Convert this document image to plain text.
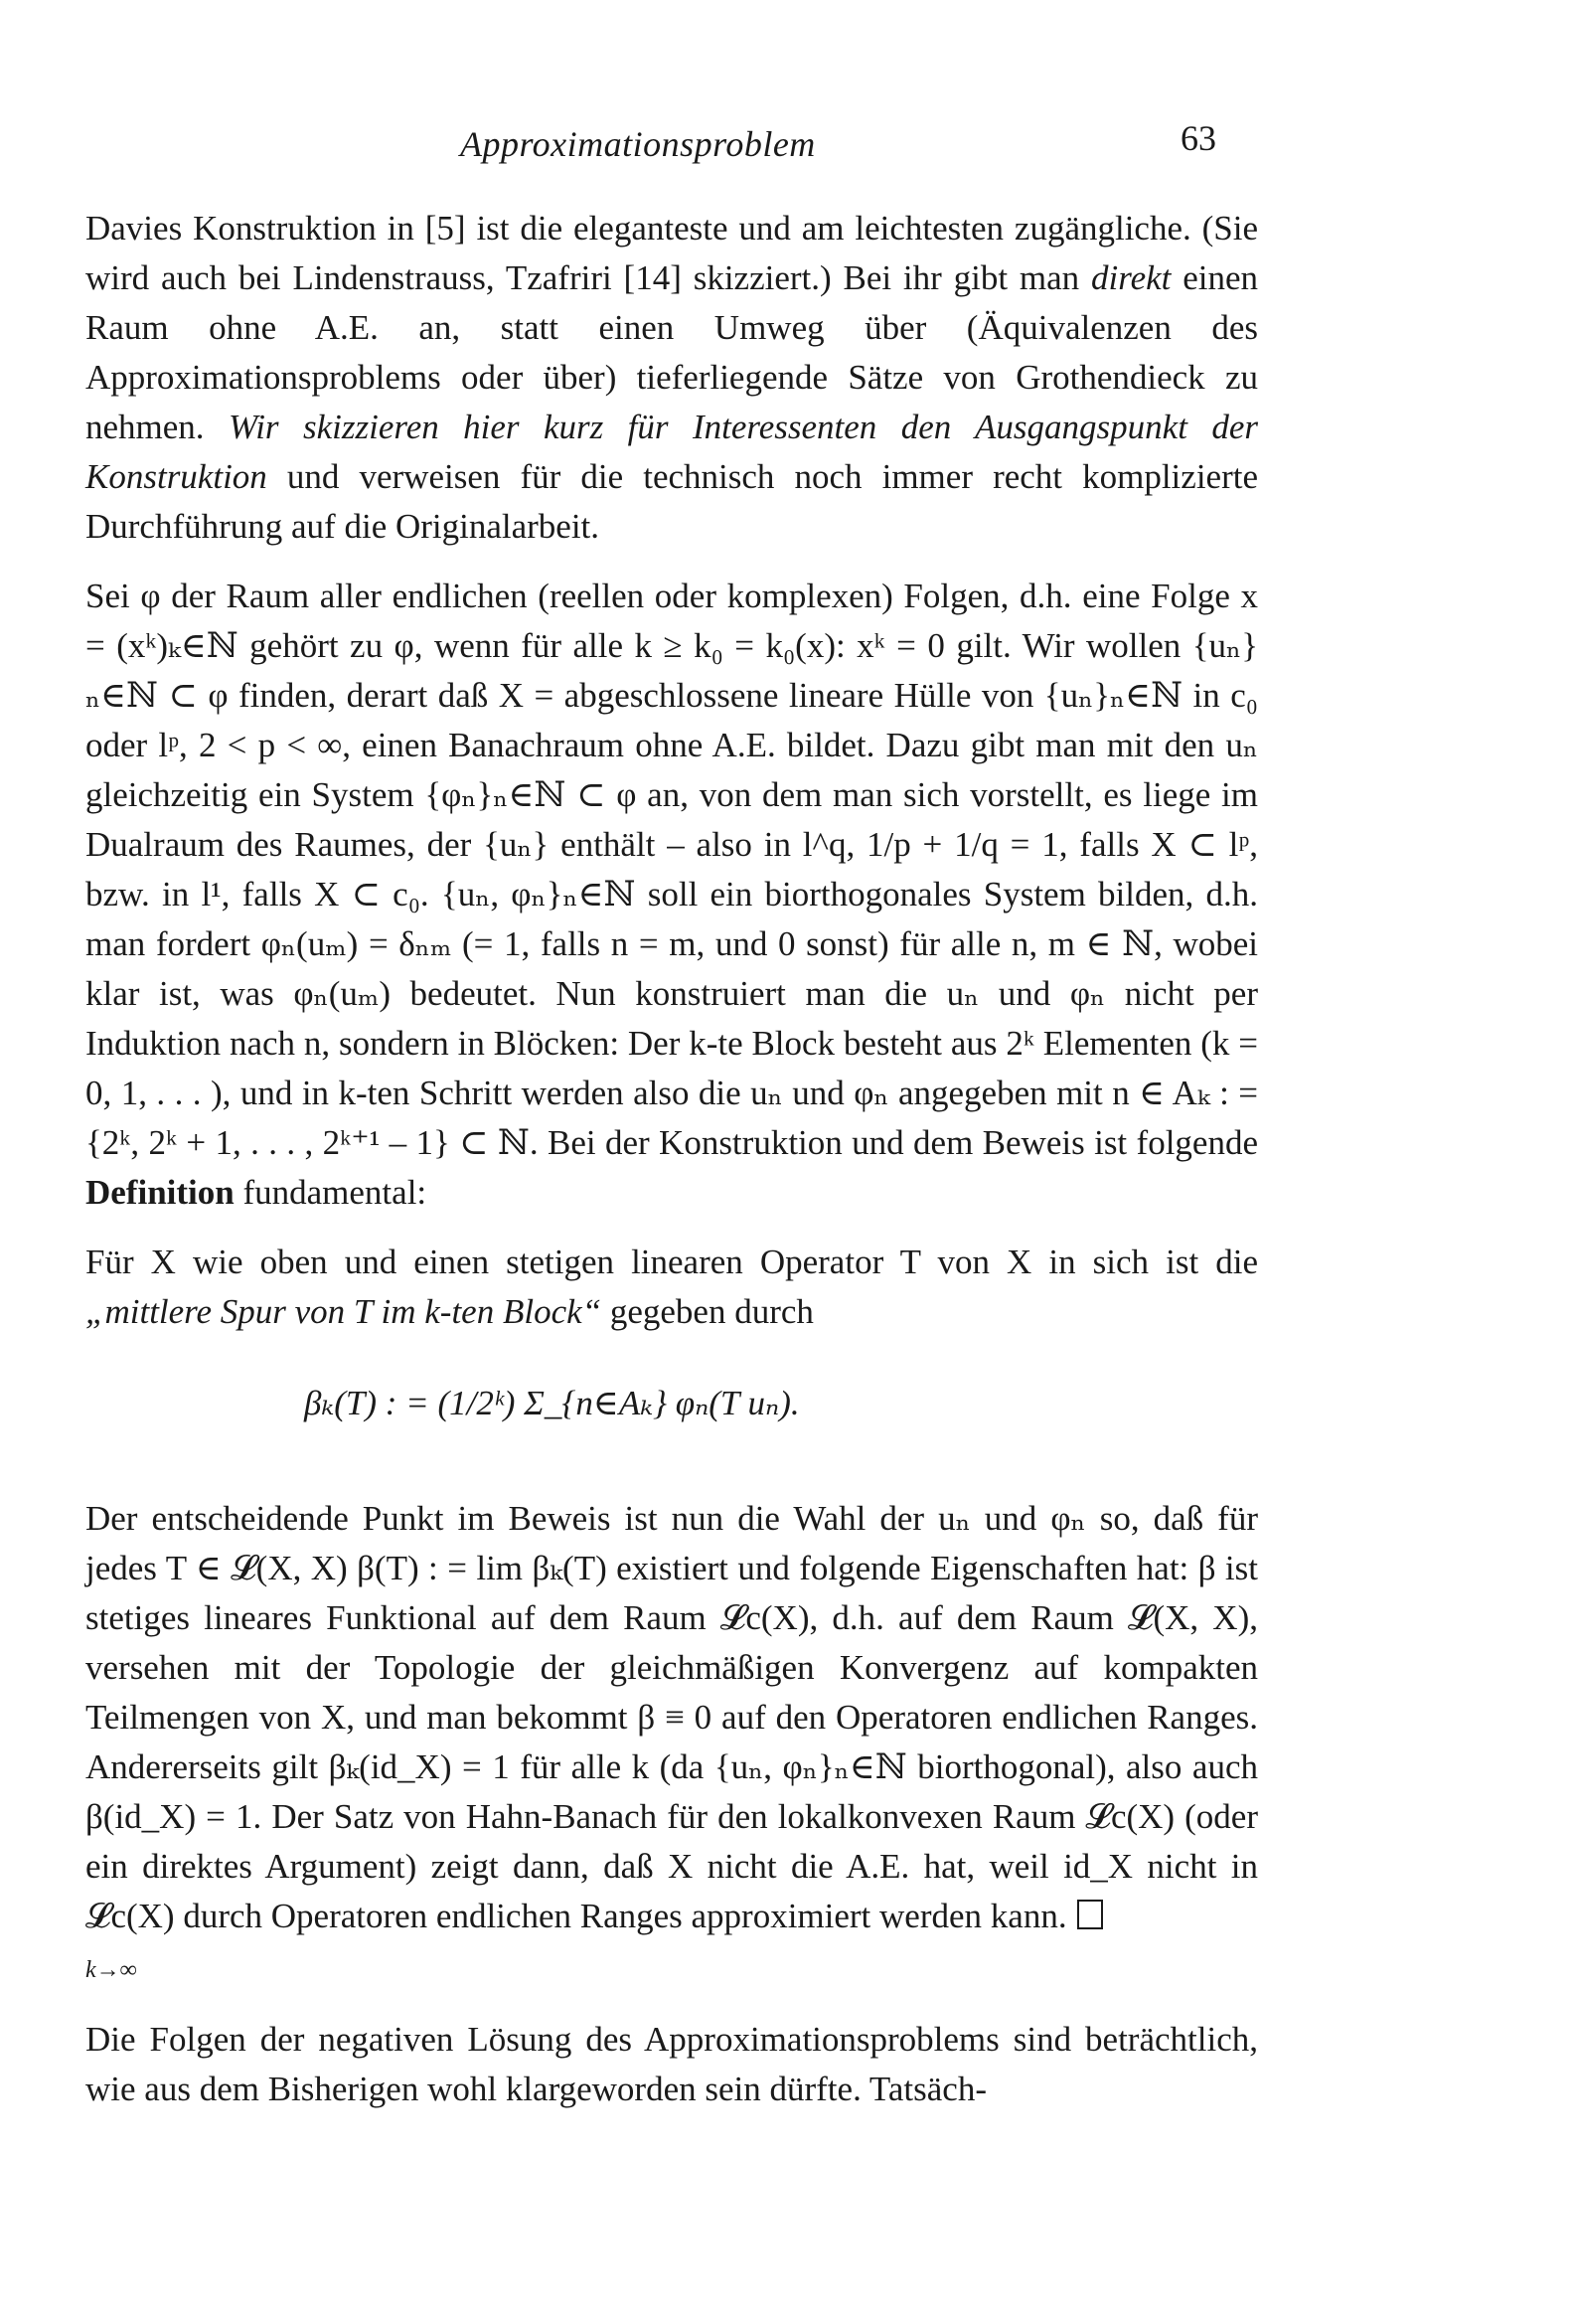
Approximationsproblem	63

Davies Konstruktion in [5] ist die eleganteste und am leichtesten zugängliche. (Sie wird auch bei Lindenstrauss, Tzafriri [14] skizziert.) Bei ihr gibt man direkt einen Raum ohne A.E. an, statt einen Umweg über (Äquivalenzen des Approximationsproblems oder über) tieferliegende Sätze von Grothendieck zu nehmen. Wir skizzieren hier kurz für Interessenten den Ausgangspunkt der Konstruktion und verweisen für die technisch noch immer recht komplizierte Durchführung auf die Originalarbeit.

Sei φ der Raum aller endlichen (reellen oder komplexen) Folgen, d.h. eine Folge x = (xᵏ)ₖ∈ℕ gehört zu φ, wenn für alle k ≥ k₀ = k₀(x): xᵏ = 0 gilt. Wir wollen {uₙ}ₙ∈ℕ ⊂ φ finden, derart daß X = abgeschlossene lineare Hülle von {uₙ}ₙ∈ℕ in c₀ oder lᵖ, 2 < p < ∞, einen Banachraum ohne A.E. bildet. Dazu gibt man mit den uₙ gleichzeitig ein System {φₙ}ₙ∈ℕ ⊂ φ an, von dem man sich vorstellt, es liege im Dualraum des Raumes, der {uₙ} enthält – also in l^q, 1/p + 1/q = 1, falls X ⊂ lᵖ, bzw. in l¹, falls X ⊂ c₀. {uₙ, φₙ}ₙ∈ℕ soll ein biorthogonales System bilden, d.h. man fordert φₙ(uₘ) = δₙₘ (= 1, falls n = m, und 0 sonst) für alle n, m ∈ ℕ, wobei klar ist, was φₙ(uₘ) bedeutet. Nun konstruiert man die uₙ und φₙ nicht per Induktion nach n, sondern in Blöcken: Der k-te Block besteht aus 2ᵏ Elementen (k = 0, 1, . . . ), und in k-ten Schritt werden also die uₙ und φₙ angegeben mit n ∈ Aₖ : = {2ᵏ, 2ᵏ + 1, . . . , 2ᵏ⁺¹ – 1} ⊂ ℕ. Bei der Konstruktion und dem Beweis ist folgende Definition fundamental:

Für X wie oben und einen stetigen linearen Operator T von X in sich ist die „mittlere Spur von T im k-ten Block“ gegeben durch

βₖ(T) : = (1/2ᵏ) Σ_{n∈Aₖ} φₙ(T uₙ).

Der entscheidende Punkt im Beweis ist nun die Wahl der uₙ und φₙ so, daß für jedes T ∈ 𝓛(X, X) β(T) : = lim βₖ(T) existiert und folgende Eigenschaften hat: β ist stetiges lineares Funktional auf dem Raum 𝓛c(X), d.h. auf dem Raum 𝓛(X, X), versehen mit der Topologie der gleichmäßigen Konvergenz auf kompakten Teilmengen von X, und man bekommt β ≡ 0 auf den Operatoren endlichen Ranges. Andererseits gilt βₖ(id_X) = 1 für alle k (da {uₙ, φₙ}ₙ∈ℕ biorthogonal), also auch β(id_X) = 1. Der Satz von Hahn-Banach für den lokalkonvexen Raum 𝓛c(X) (oder ein direktes Argument) zeigt dann, daß X nicht die A.E. hat, weil id_X nicht in 𝓛c(X) durch Operatoren endlichen Ranges approximiert werden kann.
k→∞

Die Folgen der negativen Lösung des Approximationsproblems sind beträchtlich, wie aus dem Bisherigen wohl klargeworden sein dürfte. Tatsäch-
